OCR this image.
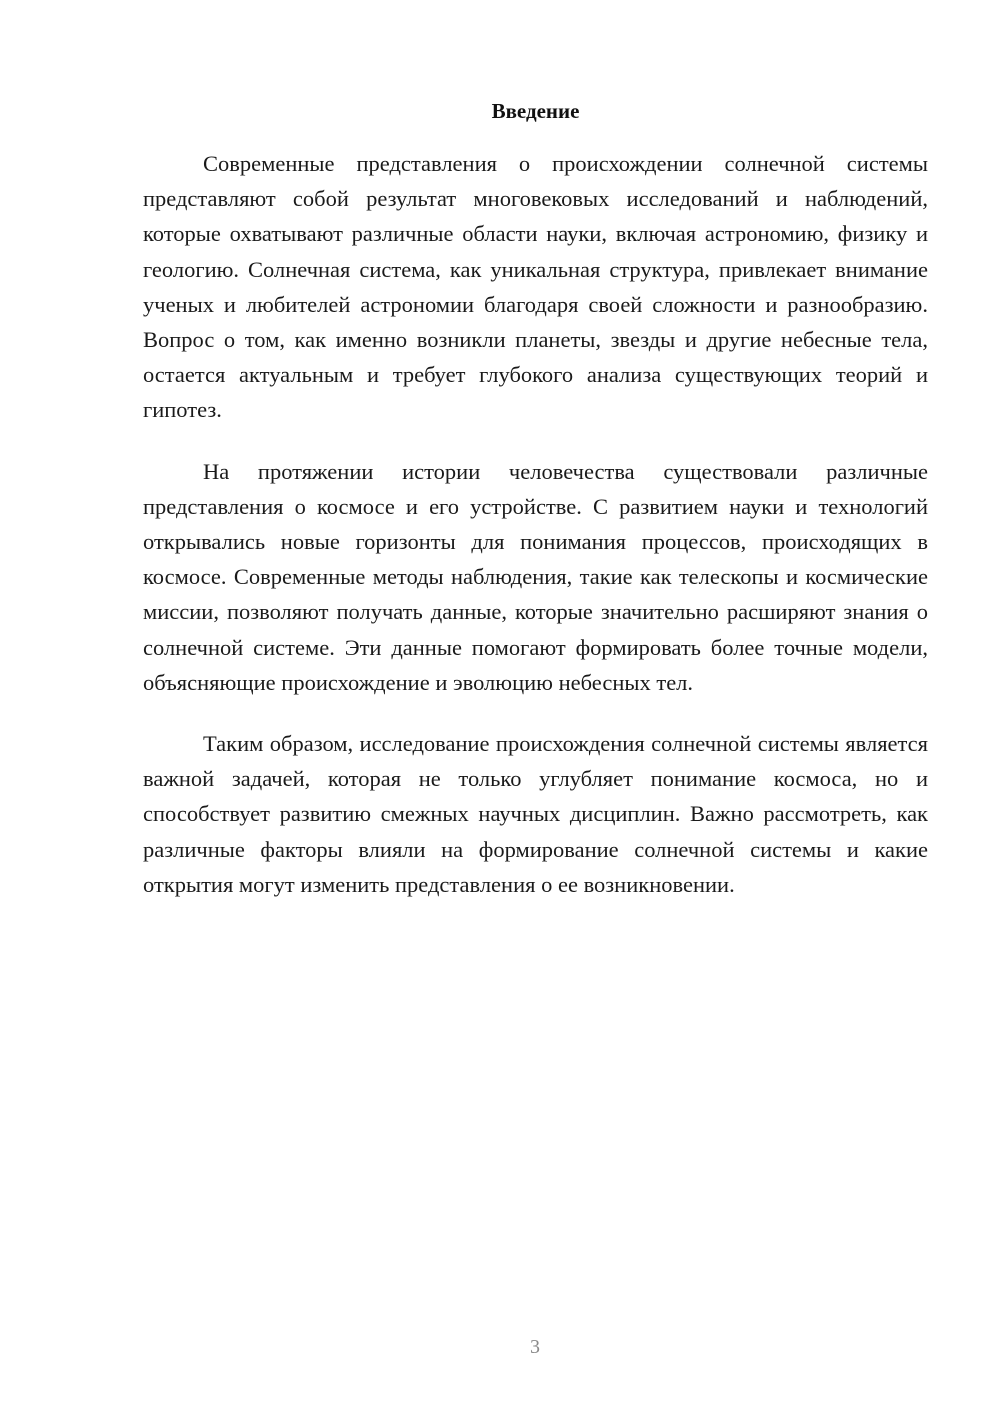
Введение

Современные представления о происхождении солнечной системы представляют собой результат многовековых исследований и наблюдений, которые охватывают различные области науки, включая астрономию, физику и геологию. Солнечная система, как уникальная структура, привлекает внимание ученых и любителей астрономии благодаря своей сложности и разнообразию. Вопрос о том, как именно возникли планеты, звезды и другие небесные тела, остается актуальным и требует глубокого анализа существующих теорий и гипотез.

На протяжении истории человечества существовали различные представления о космосе и его устройстве. С развитием науки и технологий открывались новые горизонты для понимания процессов, происходящих в космосе. Современные методы наблюдения, такие как телескопы и космические миссии, позволяют получать данные, которые значительно расширяют знания о солнечной системе. Эти данные помогают формировать более точные модели, объясняющие происхождение и эволюцию небесных тел.

Таким образом, исследование происхождения солнечной системы является важной задачей, которая не только углубляет понимание космоса, но и способствует развитию смежных научных дисциплин. Важно рассмотреть, как различные факторы влияли на формирование солнечной системы и какие открытия могут изменить представления о ее возникновении.

3
